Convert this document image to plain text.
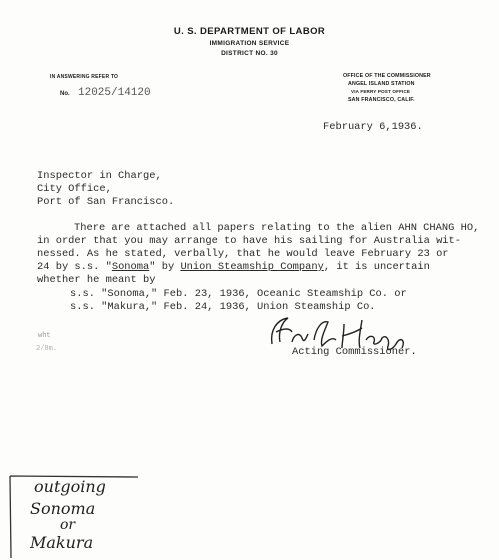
U. S. DEPARTMENT OF LABOR
IMMIGRATION SERVICE
DISTRICT NO. 30
IN ANSWERING REFER TO
No. 12025/14120
OFFICE OF THE COMMISSIONER
ANGEL ISLAND STATION
VIA FERRY POST OFFICE
SAN FRANCISCO, CALIF.
February 6,1936.
Inspector in Charge,
City Office,
Port of San Francisco.
There are attached all papers relating to the alien AHN CHANG HO,
in order that you may arrange to have his sailing for Australia wit-
nessed. As he stated, verbally, that he would leave February 23 or
24 by s.s. "Sonoma" by Union Steamship Company, it is uncertain
whether he meant by
s.s. "Sonoma," Feb. 23, 1936, Oceanic Steamship Co. or
s.s. "Makura," Feb. 24, 1936, Union Steamship Co.
wht
2/8m.	Acting Commissioner.
outgoing
Sonoma
or
Makura
